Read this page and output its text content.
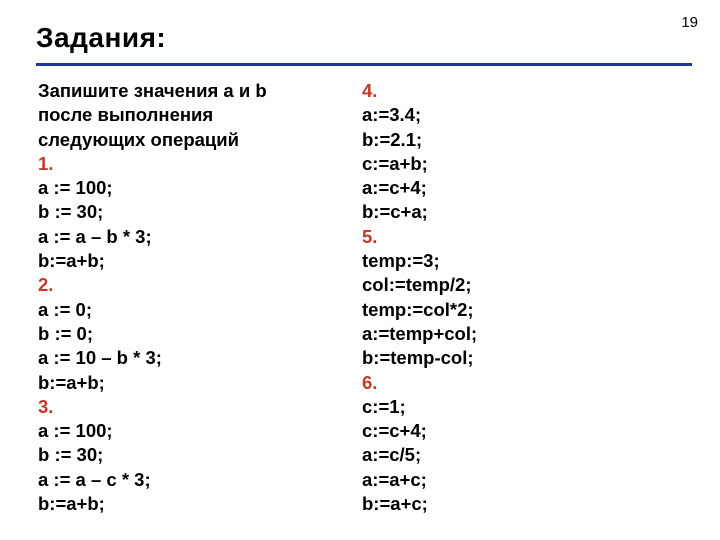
Задания:	19
Запишите значения a и b
после выполнения
следующих операций
1.
a := 100;
b := 30;
a := a – b * 3;
b:=a+b;
2.
a := 0;
b := 0;
a := 10 – b * 3;
b:=a+b;
3.
a := 100;
b := 30;
a := a – c * 3;
b:=a+b;
4.
a:=3.4;
b:=2.1;
c:=a+b;
a:=c+4;
b:=c+a;
5.
temp:=3;
col:=temp/2;
temp:=col*2;
a:=temp+col;
b:=temp-col;
6.
c:=1;
c:=c+4;
a:=c/5;
a:=a+c;
b:=a+c;
